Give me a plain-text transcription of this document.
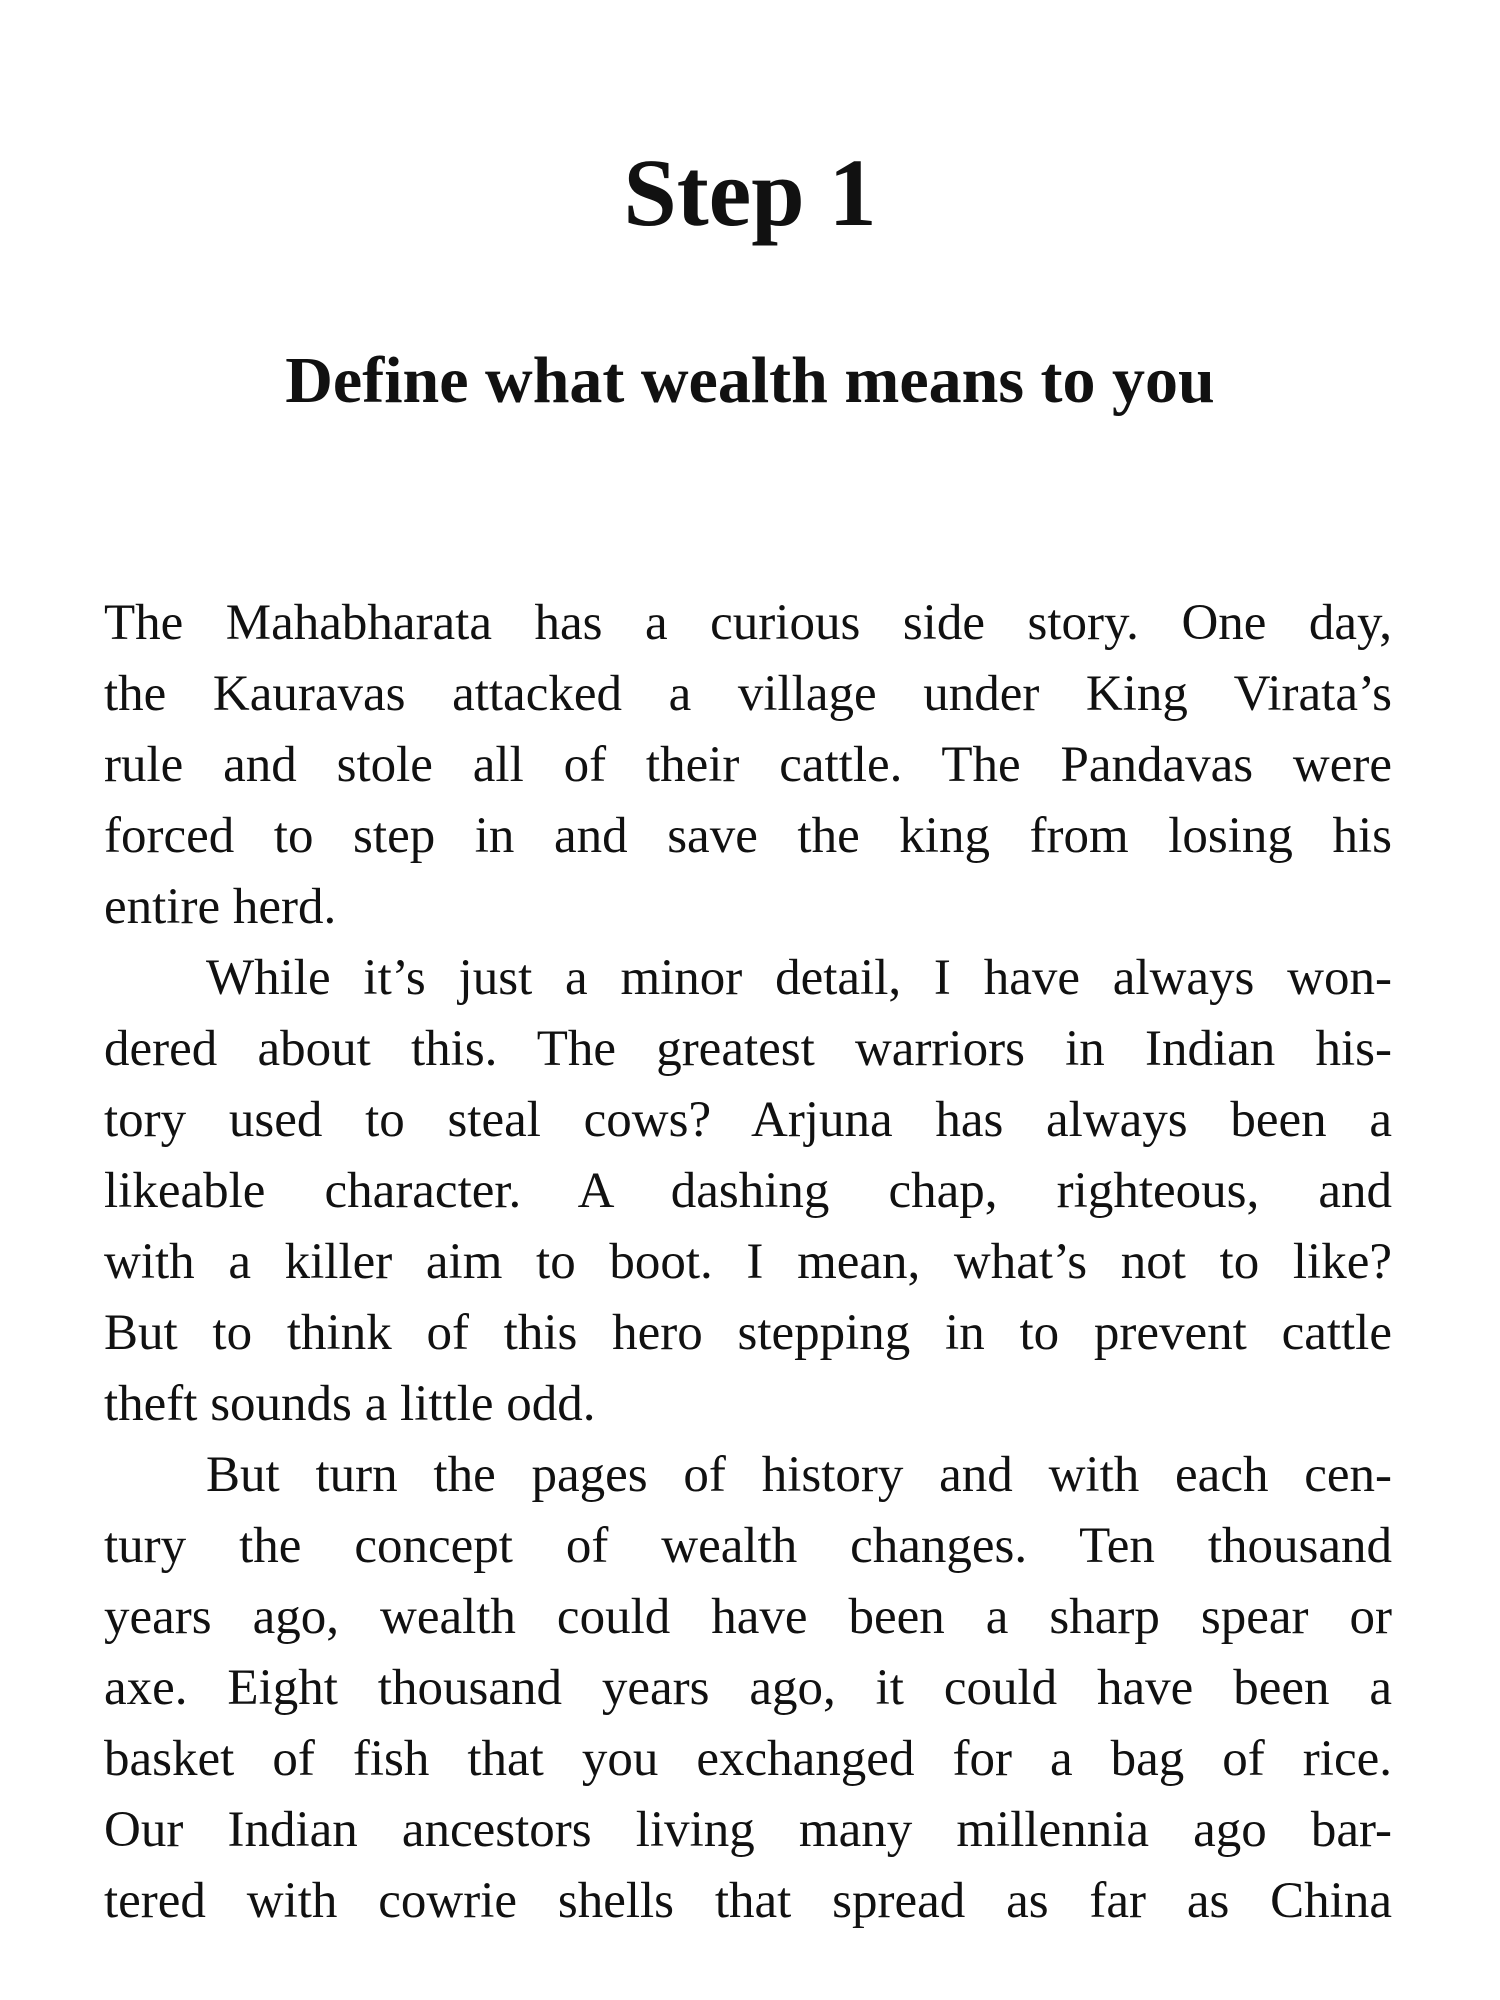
Step 1
Define what wealth means to you
The Mahabharata has a curious side story. One day,
the Kauravas attacked a village under King Virata’s
rule and stole all of their cattle. The Pandavas were
forced to step in and save the king from losing his
entire herd.
While it’s just a minor detail, I have always won-
dered about this. The greatest warriors in Indian his-
tory used to steal cows? Arjuna has always been a
likeable character. A dashing chap, righteous, and
with a killer aim to boot. I mean, what’s not to like?
But to think of this hero stepping in to prevent cattle
theft sounds a little odd.
But turn the pages of history and with each cen-
tury the concept of wealth changes. Ten thousand
years ago, wealth could have been a sharp spear or
axe. Eight thousand years ago, it could have been a
basket of fish that you exchanged for a bag of rice.
Our Indian ancestors living many millennia ago bar-
tered with cowrie shells that spread as far as China
